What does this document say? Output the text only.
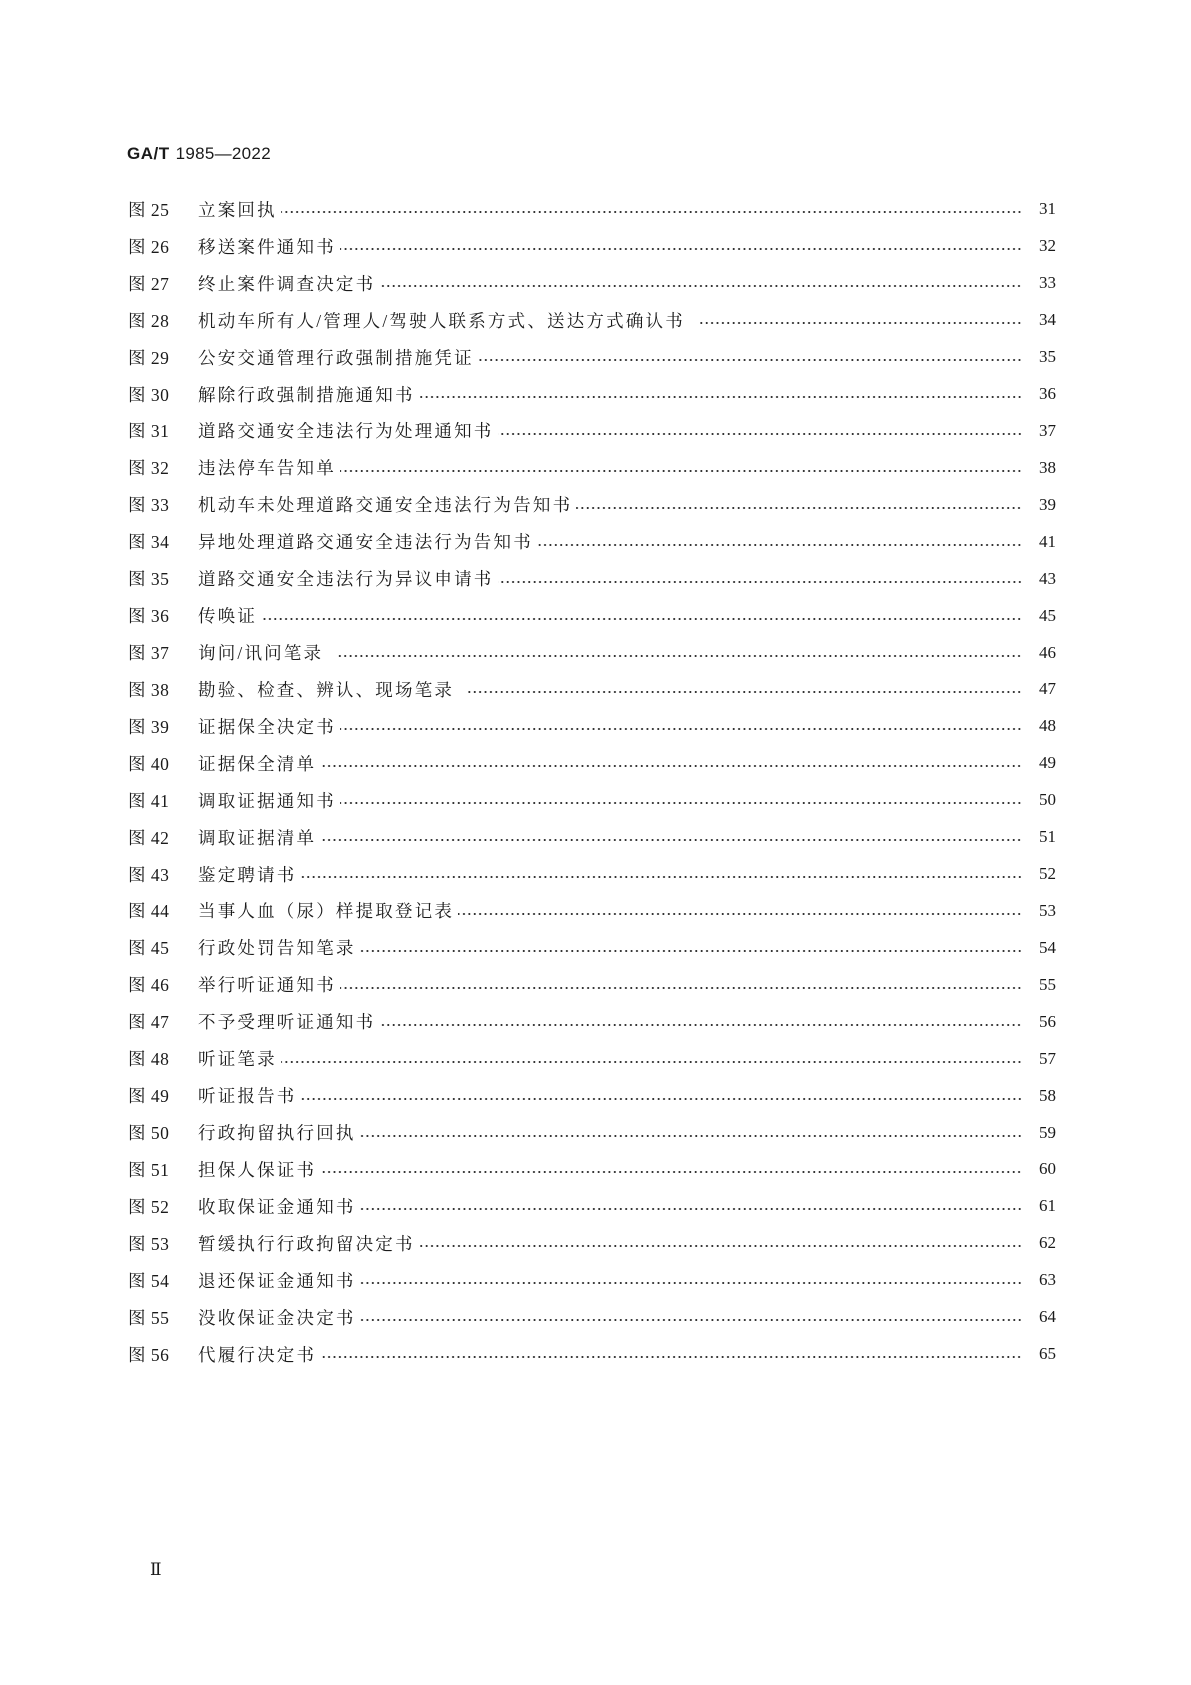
GA/T 1985—2022
图 25	立案回执	31
图 26	移送案件通知书	32
图 27	终止案件调查决定书	33
图 28	机动车所有人/管理人/驾驶人联系方式、送达方式确认书	34
图 29	公安交通管理行政强制措施凭证	35
图 30	解除行政强制措施通知书	36
图 31	道路交通安全违法行为处理通知书	37
图 32	违法停车告知单	38
图 33	机动车未处理道路交通安全违法行为告知书	39
图 34	异地处理道路交通安全违法行为告知书	41
图 35	道路交通安全违法行为异议申请书	43
图 36	传唤证	45
图 37	询问/讯问笔录	46
图 38	勘验、检查、辨认、现场笔录	47
图 39	证据保全决定书	48
图 40	证据保全清单	49
图 41	调取证据通知书	50
图 42	调取证据清单	51
图 43	鉴定聘请书	52
图 44	当事人血（尿）样提取登记表	53
图 45	行政处罚告知笔录	54
图 46	举行听证通知书	55
图 47	不予受理听证通知书	56
图 48	听证笔录	57
图 49	听证报告书	58
图 50	行政拘留执行回执	59
图 51	担保人保证书	60
图 52	收取保证金通知书	61
图 53	暂缓执行行政拘留决定书	62
图 54	退还保证金通知书	63
图 55	没收保证金决定书	64
图 56	代履行决定书	65
Ⅱ
